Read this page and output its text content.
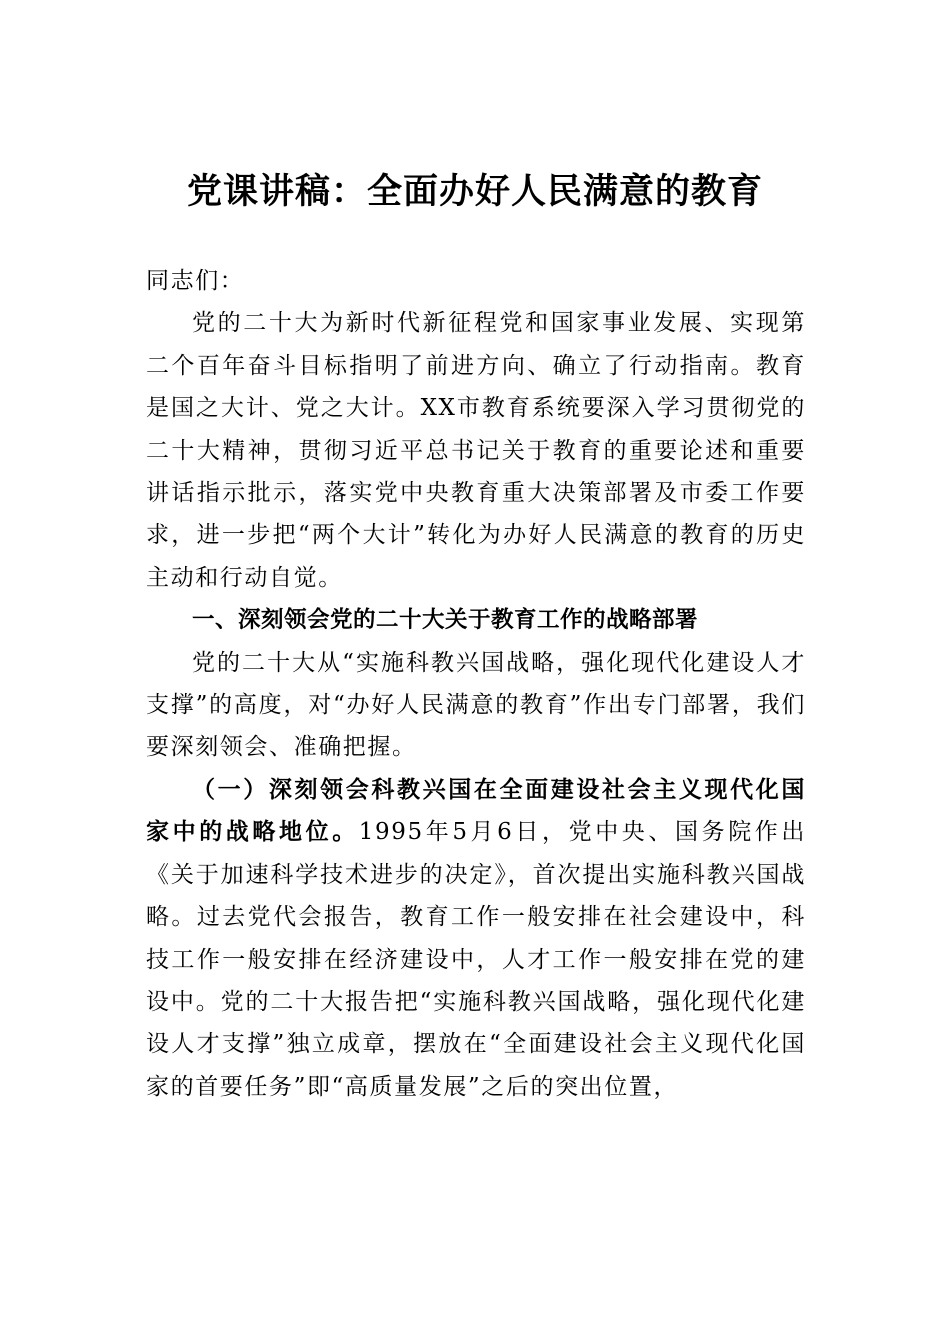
党课讲稿：全面办好人民满意的教育

同志们：

党的二十大为新时代新征程党和国家事业发展、实现第二个百年奋斗目标指明了前进方向、确立了行动指南。教育是国之大计、党之大计。XX市教育系统要深入学习贯彻党的二十大精神，贯彻习近平总书记关于教育的重要论述和重要讲话指示批示，落实党中央教育重大决策部署及市委工作要求，进一步把“两个大计”转化为办好人民满意的教育的历史主动和行动自觉。

一、深刻领会党的二十大关于教育工作的战略部署

党的二十大从“实施科教兴国战略，强化现代化建设人才支撑”的高度，对“办好人民满意的教育”作出专门部署，我们要深刻领会、准确把握。

（一）深刻领会科教兴国在全面建设社会主义现代化国家中的战略地位。1995年5月6日，党中央、国务院作出《关于加速科学技术进步的决定》，首次提出实施科教兴国战略。过去党代会报告，教育工作一般安排在社会建设中，科技工作一般安排在经济建设中，人才工作一般安排在党的建设中。党的二十大报告把“实施科教兴国战略，强化现代化建设人才支撑”独立成章，摆放在“全面建设社会主义现代化国家的首要任务”即“高质量发展”之后的突出位置，
